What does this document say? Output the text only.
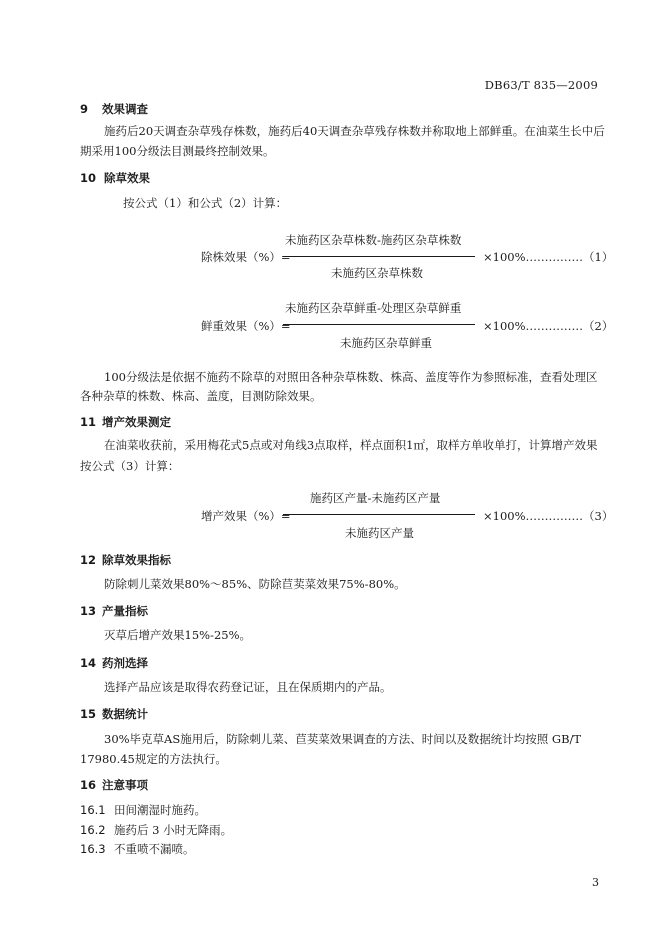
DB63/T 835—2009
9 效果调查
施药后20天调查杂草残存株数，施药后40天调查杂草残存株数并称取地上部鲜重。在油菜生长中后
期采用100分级法目测最终控制效果。
10 除草效果
按公式（1）和公式（2）计算：
未施药区杂草株数-施药区杂草株数
除株效果（%）=	×100%……………（1）
未施药区杂草株数
未施药区杂草鲜重-处理区杂草鲜重
鲜重效果（%）=	×100%……………（2）
未施药区杂草鲜重
100分级法是依据不施药不除草的对照田各种杂草株数、株高、盖度等作为参照标准，查看处理区
各种杂草的株数、株高、盖度，目测防除效果。
11 增产效果测定
在油菜收获前，采用梅花式5点或对角线3点取样，样点面积1㎡，取样方单收单打，计算增产效果
按公式（3）计算：
施药区产量-未施药区产量
增产效果（%）=	×100%……………（3）
未施药区产量
12 除草效果指标
防除刺儿菜效果80%～85%、防除苣荬菜效果75%-80%。
13 产量指标
灭草后增产效果15%-25%。
14 药剂选择
选择产品应该是取得农药登记证，且在保质期内的产品。
15 数据统计
30%毕克草AS施用后，防除刺儿菜、苣荬菜效果调查的方法、时间以及数据统计均按照 GB/T
17980.45规定的方法执行。
16 注意事项
16.1 田间潮湿时施药。
16.2 施药后 3 小时无降雨。
16.3 不重喷不漏喷。
3
